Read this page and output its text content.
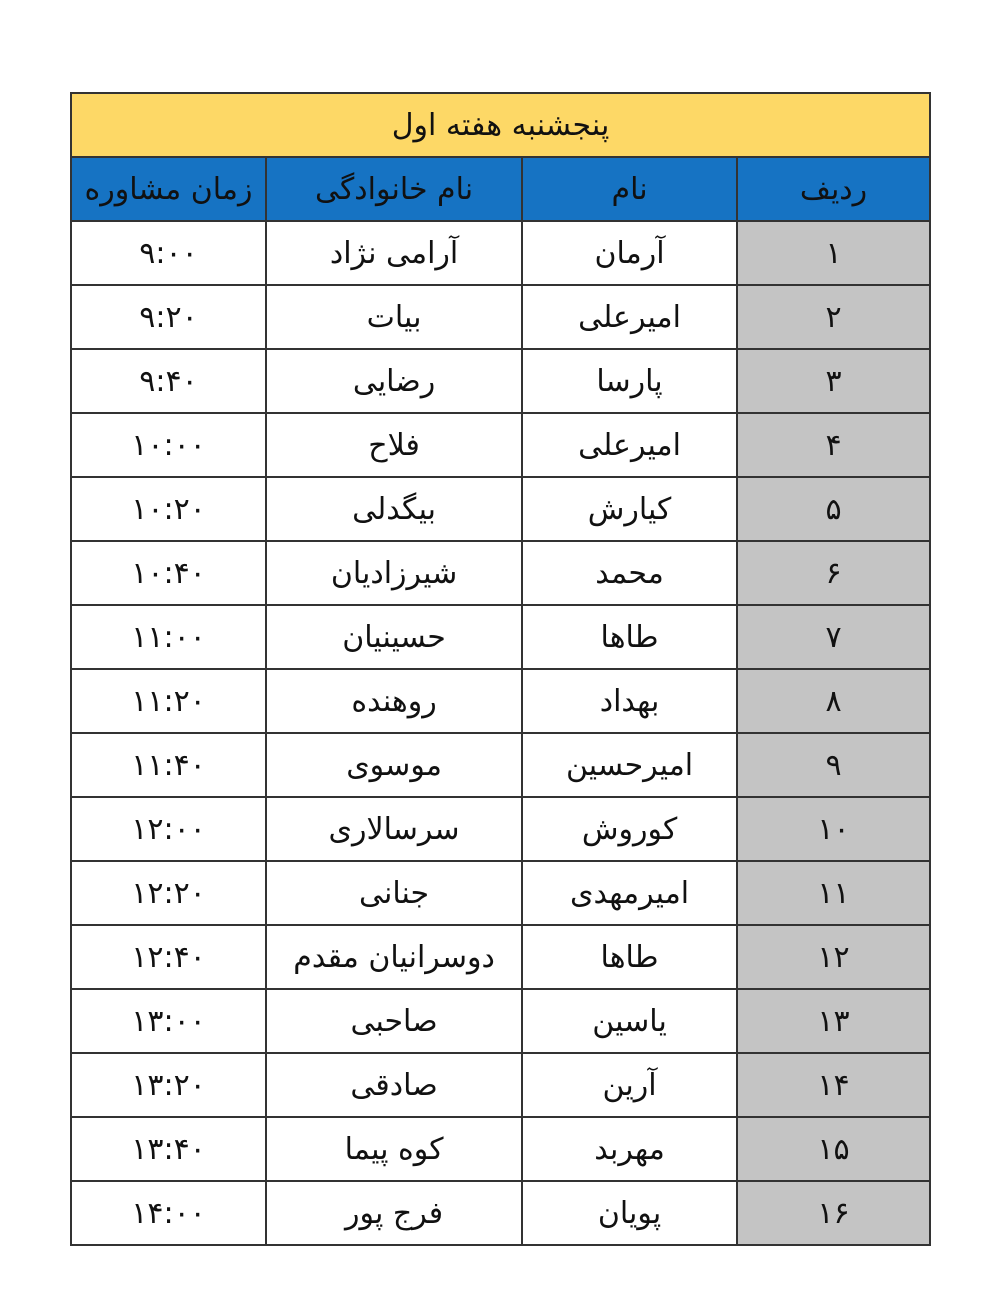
پنجشنبه هفته اول			
ردیف	نام	نام خانوادگی	زمان مشاوره
۱	آرمان	آرامی نژاد	۹:۰۰
۲	امیرعلی	بیات	۹:۲۰
۳	پارسا	رضایی	۹:۴۰
۴	امیرعلی	فلاح	۱۰:۰۰
۵	کیارش	بیگدلی	۱۰:۲۰
۶	محمد	شیرزادیان	۱۰:۴۰
۷	طاها	حسینیان	۱۱:۰۰
۸	بهداد	روهنده	۱۱:۲۰
۹	امیرحسین	موسوی	۱۱:۴۰
۱۰	کوروش	سرسالاری	۱۲:۰۰
۱۱	امیرمهدی	جنانی	۱۲:۲۰
۱۲	طاها	دوسرانیان مقدم	۱۲:۴۰
۱۳	یاسین	صاحبی	۱۳:۰۰
۱۴	آرین	صادقی	۱۳:۲۰
۱۵	مهربد	کوه پیما	۱۳:۴۰
۱۶	پویان	فرج پور	۱۴:۰۰
